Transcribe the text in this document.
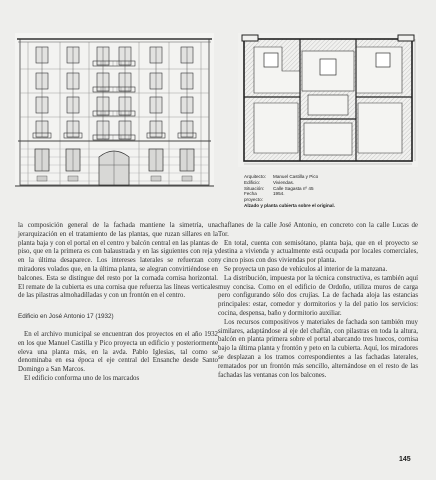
Arquitecto:	Manuel Castilla y Pico
Edificio:	Viviendas.
Situación:	Calle Sagasta nº 45
Fecha proyecto:
1954.
Alzado y planta cubierta sobre el original.

la composición general de la fachada mantiene la simetría, una jerarquización en el tratamiento de las plantas, que ruzan sillares en la planta baja y con el portal en el centro y balcón central en las plantas de piso, que en la primera es con balaustrada y en las siguientes con reja y en la última desaparece. Los intereses laterales se refuerzan con miradores volados que, en la última planta, se alegran convirtiéndose en balcones. Esta se distingue del resto por la cornada cornisa horizontal. El remate de la cubierta es una cornisa que refuerza las líneas verticales de las pilastras almohadilladas y con un frontón en el centro.

Edificio en José Antonio 17 (1932)

En el archivo municipal se encuentran dos proyectos en el año 1932 en los que Manuel Castilla y Pico proyecta un edificio y posteriormente eleva una planta más, en la avda. Pablo Iglesias, tal como se denominaba en esa época el eje central del Ensanche desde Santo Domingo a San Marcos.

El edificio conforma uno de los marcados

chaflanes de la calle José Antonio, en concreto con la calle Lucas de Tor.

En total, cuenta con semisótano, planta baja, que en el proyecto se destina a vivienda y actualmente está ocupada por locales comerciales, y cinco pisos con dos viviendas por planta.

Se proyecta un paso de vehículos al interior de la manzana.

La distribución, impuesta por la técnica constructiva, es también aquí muy concisa. Como en el edificio de Ordoño, utiliza muros de carga pero configurando sólo dos crujías. La de fachada aloja las estancias principales: estar, comedor y dormitorios y la del patio los servicios: cocina, despensa, baño y dormitorio auxiliar.

Los recursos compositivos y materiales de fachada son también muy similares, adaptándose al eje del chaflán, con pilastras en toda la altura, balcón en planta primera sobre el portal abarcando tres huecos, cornisa bajo la última planta y frontón y peto en la cubierta. Aquí, los miradores se desplazan a los tramos correspondientes a las fachadas laterales, rematados por un frontón más sencillo, alternándose en el resto de las fachadas las ventanas con los balcones.

145
